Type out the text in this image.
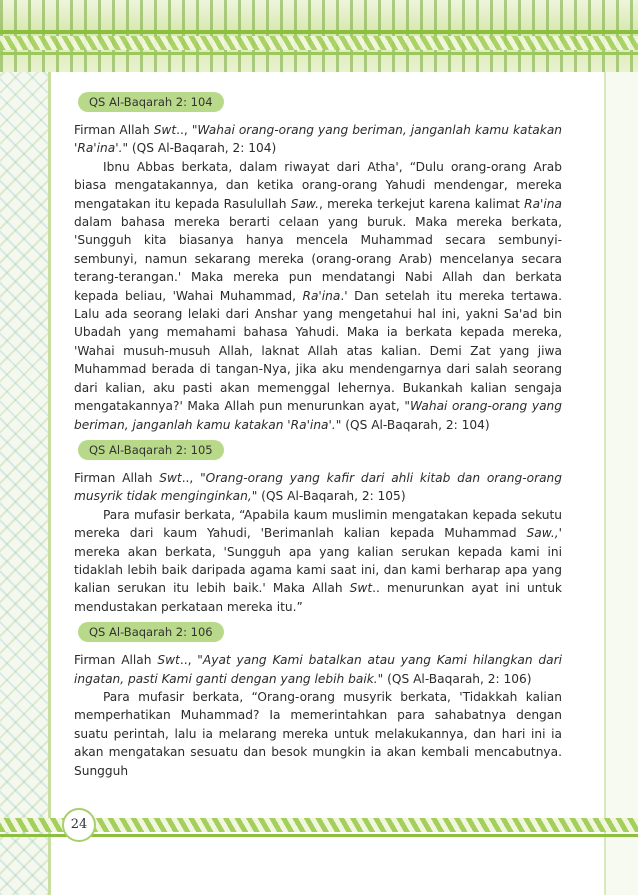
QS Al-Baqarah 2: 104

Firman Allah Swt.., "Wahai orang-orang yang beriman, janganlah kamu katakan 'Ra'ina'." (QS Al-Baqarah, 2: 104)

Ibnu Abbas berkata, dalam riwayat dari Atha', “Dulu orang-orang Arab biasa mengatakannya, dan ketika orang-orang Yahudi mendengar, mereka mengatakan itu kepada Rasulullah Saw., mereka terkejut karena kalimat Ra'ina dalam bahasa mereka berarti celaan yang buruk. Maka mereka berkata, 'Sungguh kita biasanya hanya mencela Muhammad secara sembunyi-sembunyi, namun sekarang mereka (orang-orang Arab) mencelanya secara terang-terangan.' Maka mereka pun mendatangi Nabi Allah dan berkata kepada beliau, 'Wahai Muhammad, Ra'ina.' Dan setelah itu mereka tertawa. Lalu ada seorang lelaki dari Anshar yang mengetahui hal ini, yakni Sa'ad bin Ubadah yang memahami bahasa Yahudi. Maka ia berkata kepada mereka, 'Wahai musuh-musuh Allah, laknat Allah atas kalian. Demi Zat yang jiwa Muhammad berada di tangan-Nya, jika aku mendengarnya dari salah seorang dari kalian, aku pasti akan memenggal lehernya. Bukankah kalian sengaja mengatakannya?' Maka Allah pun menurunkan ayat, "Wahai orang-orang yang beriman, janganlah kamu katakan 'Ra'ina'." (QS Al-Baqarah, 2: 104)

QS Al-Baqarah 2: 105

Firman Allah Swt.., "Orang-orang yang kafir dari ahli kitab dan orang-orang musyrik tidak menginginkan," (QS Al-Baqarah, 2: 105)

Para mufasir berkata, “Apabila kaum muslimin mengatakan kepada sekutu mereka dari kaum Yahudi, 'Berimanlah kalian kepada Muhammad Saw.,' mereka akan berkata, 'Sungguh apa yang kalian serukan kepada kami ini tidaklah lebih baik daripada agama kami saat ini, dan kami berharap apa yang kalian serukan itu lebih baik.' Maka Allah Swt.. menurunkan ayat ini untuk mendustakan perkataan mereka itu.”

QS Al-Baqarah 2: 106

Firman Allah Swt.., "Ayat yang Kami batalkan atau yang Kami hilangkan dari ingatan, pasti Kami ganti dengan yang lebih baik." (QS Al-Baqarah, 2: 106)

Para mufasir berkata, “Orang-orang musyrik berkata, 'Tidakkah kalian memperhatikan Muhammad? Ia memerintahkan para sahabatnya dengan suatu perintah, lalu ia melarang mereka untuk melakukannya, dan hari ini ia akan mengatakan sesuatu dan besok mungkin ia akan kembali mencabutnya. Sungguh

24
